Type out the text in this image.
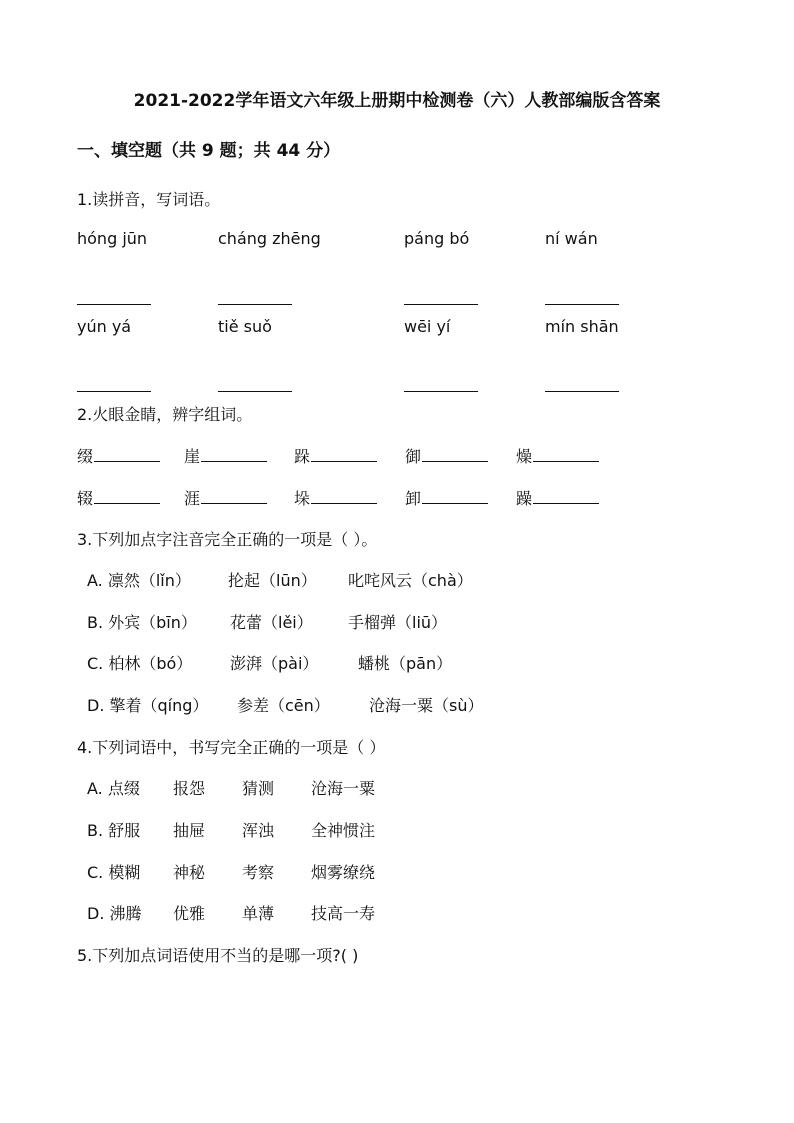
2021-2022学年语文六年级上册期中检测卷（六）人教部编版含答案
一、填空题（共 9 题；共 44 分）
1.读拼音，写词语。
hóng jūn	cháng zhēng	páng bó	ní wán
yún yá	tiě suǒ	wēi yí	mín shān
2.火眼金睛，辨字组词。
缀	崖	跺	御	燥
辍	涯	垛	卸	躁
3.下列加点字注音完全正确的一项是（ ）。
A. 凛然（lǐn） 抡起（lūn） 叱咤风云（chà）
B. 外宾（bīn） 花蕾（lěi） 手榴弹（liū）
C. 柏林（bó） 澎湃（pài） 蟠桃（pān）
D. 擎着（qíng） 参差（cēn） 沧海一粟（sù）
4.下列词语中，书写完全正确的一项是（ ）
A. 点缀 报怨 猜测 沧海一粟
B. 舒服 抽屉 浑浊 全神惯注
C. 模糊 神秘 考察 烟雾缭绕
D. 沸腾 优雅 单薄 技高一寿
5.下列加点词语使用不当的是哪一项?( )
